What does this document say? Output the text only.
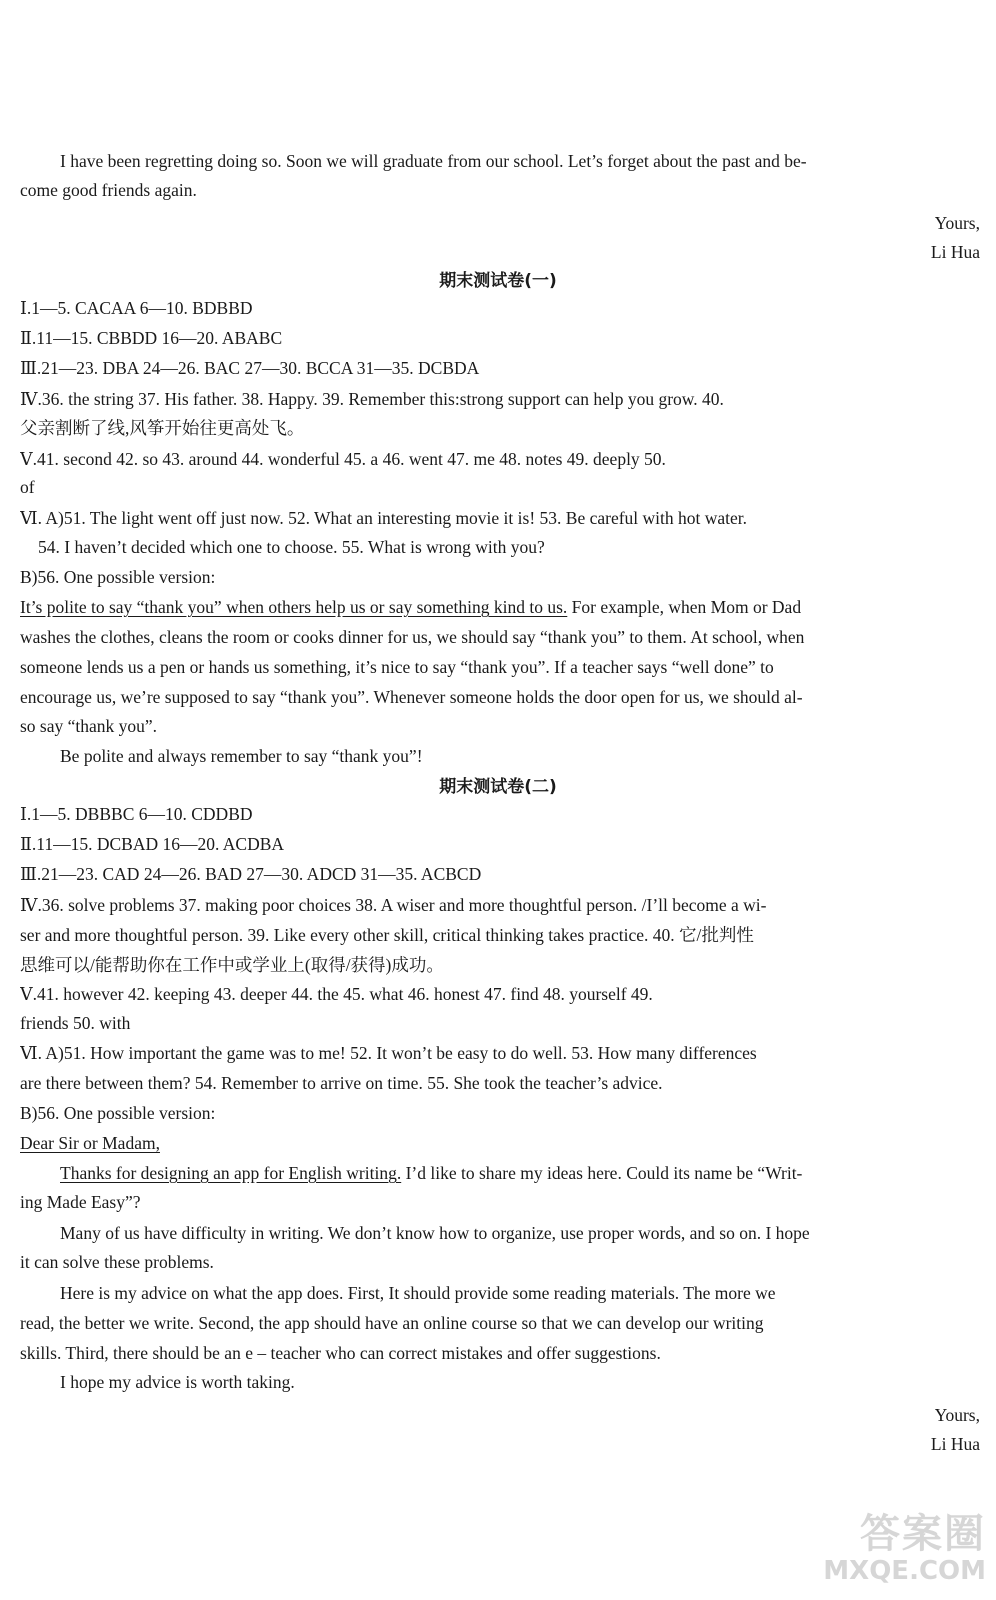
I have been regretting doing so. Soon we will graduate from our school. Let’s forget about the past and be-
come good friends again.
Yours,
Li Hua
期末测试卷(一)
Ⅰ.1—5. CACAA 6—10. BDBBD
Ⅱ.11—15. CBBDD 16—20. ABABC
Ⅲ.21—23. DBA 24—26. BAC 27—30. BCCA 31—35. DCBDA
Ⅳ.36. the string 37. His father. 38. Happy. 39. Remember this:strong support can help you grow. 40.
父亲割断了线,风筝开始往更高处飞。
Ⅴ.41. second 42. so 43. around 44. wonderful 45. a 46. went 47. me 48. notes 49. deeply 50.
of
Ⅵ. A)51. The light went off just now. 52. What an interesting movie it is! 53. Be careful with hot water.
54. I haven’t decided which one to choose. 55. What is wrong with you?
B)56. One possible version:
It’s polite to say “thank you” when others help us or say something kind to us. For example, when Mom or Dad
washes the clothes, cleans the room or cooks dinner for us, we should say “thank you” to them. At school, when
someone lends us a pen or hands us something, it’s nice to say “thank you”. If a teacher says “well done” to
encourage us, we’re supposed to say “thank you”. Whenever someone holds the door open for us, we should al-
so say “thank you”.
Be polite and always remember to say “thank you”!
期末测试卷(二)
Ⅰ.1—5. DBBBC 6—10. CDDBD
Ⅱ.11—15. DCBAD 16—20. ACDBA
Ⅲ.21—23. CAD 24—26. BAD 27—30. ADCD 31—35. ACBCD
Ⅳ.36. solve problems 37. making poor choices 38. A wiser and more thoughtful person. /I’ll become a wi-
ser and more thoughtful person. 39. Like every other skill, critical thinking takes practice. 40. 它/批判性
思维可以/能帮助你在工作中或学业上(取得/获得)成功。
Ⅴ.41. however 42. keeping 43. deeper 44. the 45. what 46. honest 47. find 48. yourself 49.
friends 50. with
Ⅵ. A)51. How important the game was to me! 52. It won’t be easy to do well. 53. How many differences
are there between them? 54. Remember to arrive on time. 55. She took the teacher’s advice.
B)56. One possible version:
Dear Sir or Madam,
Thanks for designing an app for English writing. I’d like to share my ideas here. Could its name be “Writ-
ing Made Easy”?
Many of us have difficulty in writing. We don’t know how to organize, use proper words, and so on. I hope
it can solve these problems.
Here is my advice on what the app does. First, It should provide some reading materials. The more we
read, the better we write. Second, the app should have an online course so that we can develop our writing
skills. Third, there should be an e – teacher who can correct mistakes and offer suggestions.
I hope my advice is worth taking.
Yours,
Li Hua
答案圈
MXQE.COM
